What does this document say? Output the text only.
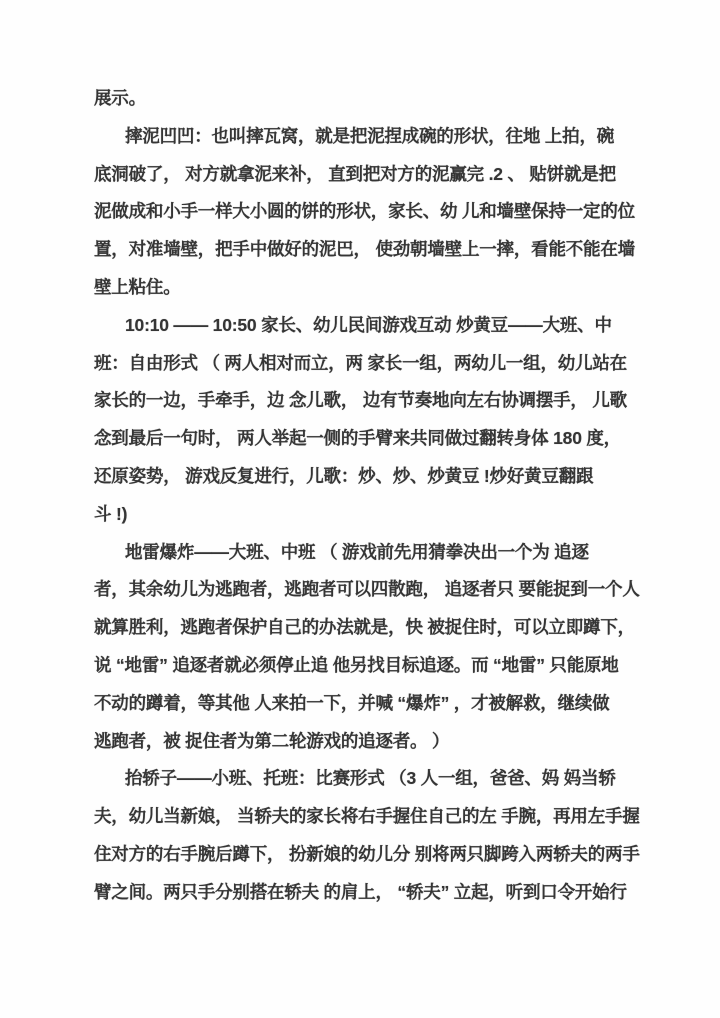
展示。
摔泥凹凹：也叫摔瓦窝，就是把泥捏成碗的形状，往地 上拍，碗
底洞破了， 对方就拿泥来补， 直到把对方的泥赢完 .2 、 贴饼就是把
泥做成和小手一样大小圆的饼的形状，家长、幼 儿和墙壁保持一定的位
置，对准墙壁，把手中做好的泥巴， 使劲朝墙壁上一摔，看能不能在墙
壁上粘住。
10:10 —— 10:50 家长、幼儿民间游戏互动 炒黄豆——大班、中
班：自由形式 （ 两人相对而立，两 家长一组，两幼儿一组，幼儿站在
家长的一边，手牵手，边 念儿歌， 边有节奏地向左右协调摆手， 儿歌
念到最后一句时， 两人举起一侧的手臂来共同做过翻转身体 180 度，
还原姿势， 游戏反复进行，儿歌：炒、炒、炒黄豆 !炒好黄豆翻跟
斗 !)
地雷爆炸——大班、中班 （ 游戏前先用猜拳决出一个为 追逐
者，其余幼儿为逃跑者，逃跑者可以四散跑， 追逐者只 要能捉到一个人
就算胜利，逃跑者保护自己的办法就是，快 被捉住时，可以立即蹲下，
说 “地雷” 追逐者就必须停止追 他另找目标追逐。而 “地雷” 只能原地
不动的蹲着，等其他 人来拍一下，并喊 “爆炸” ，才被解救，继续做
逃跑者，被 捉住者为第二轮游戏的追逐者。 ）
抬轿子——小班、托班：比赛形式 （3 人一组，爸爸、妈 妈当轿
夫，幼儿当新娘， 当轿夫的家长将右手握住自己的左 手腕，再用左手握
住对方的右手腕后蹲下， 扮新娘的幼儿分 别将两只脚跨入两轿夫的两手
臂之间。两只手分别搭在轿夫 的肩上， “轿夫” 立起，听到口令开始行
